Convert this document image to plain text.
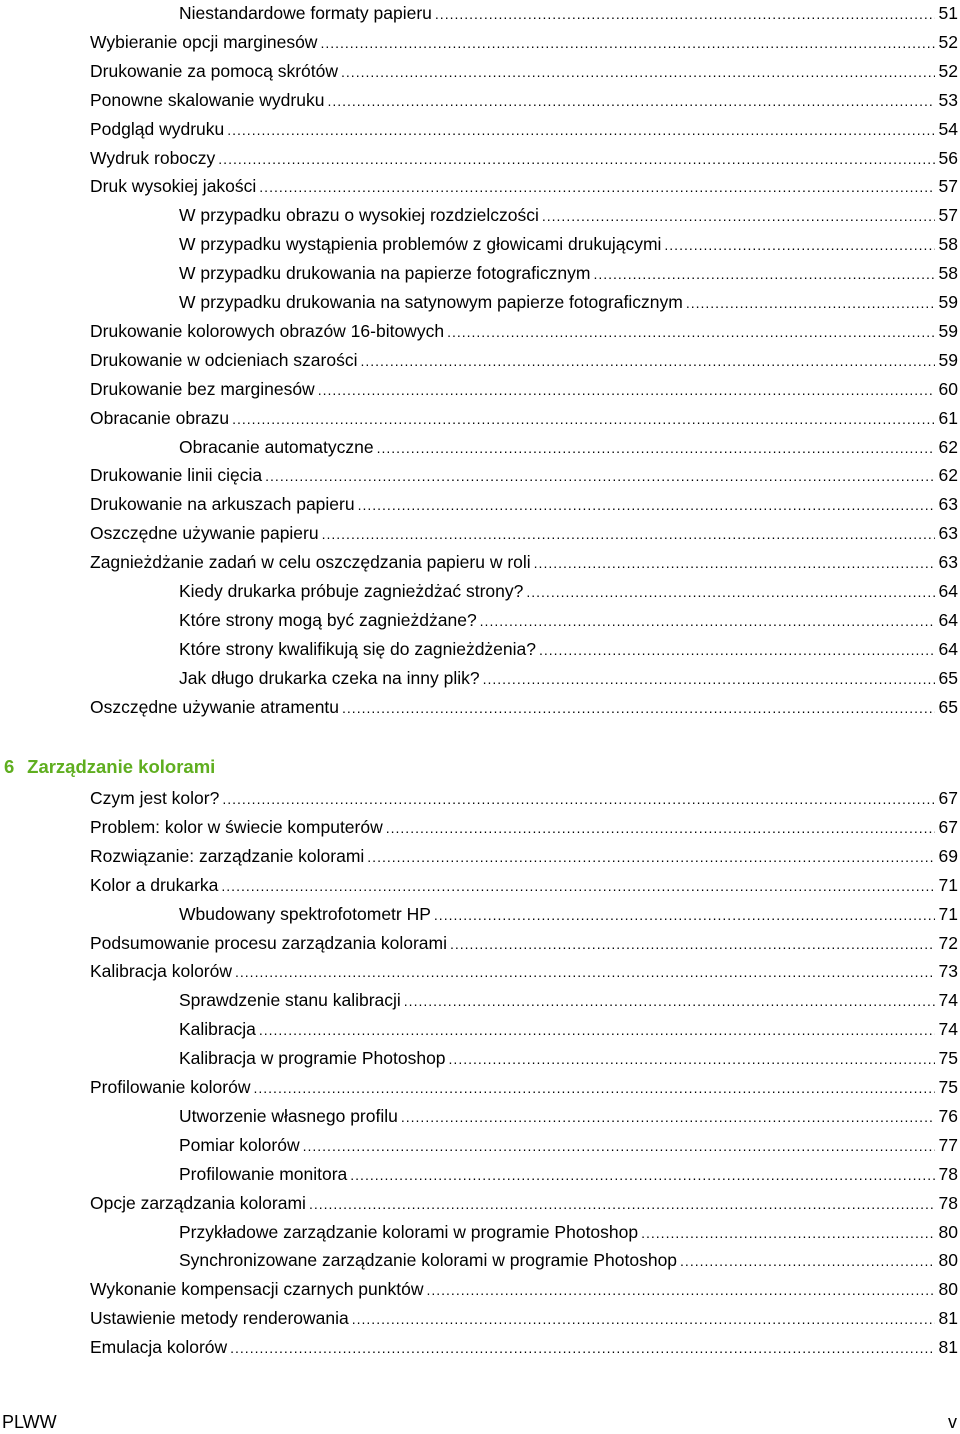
Niestandardowe formaty papieru .....	51
Wybieranie opcji marginesów .....	52
Drukowanie za pomocą skrótów .....	52
Ponowne skalowanie wydruku .....	53
Podgląd wydruku .....	54
Wydruk roboczy .....	56
Druk wysokiej jakości .....	57
W przypadku obrazu o wysokiej rozdzielczości .....	57
W przypadku wystąpienia problemów z głowicami drukującymi .....	58
W przypadku drukowania na papierze fotograficznym .....	58
W przypadku drukowania na satynowym papierze fotograficznym .....	59
Drukowanie kolorowych obrazów 16-bitowych .....	59
Drukowanie w odcieniach szarości .....	59
Drukowanie bez marginesów .....	60
Obracanie obrazu .....	61
Obracanie automatyczne .....	62
Drukowanie linii cięcia .....	62
Drukowanie na arkuszach papieru .....	63
Oszczędne używanie papieru .....	63
Zagnieżdżanie zadań w celu oszczędzania papieru w roli .....	63
Kiedy drukarka próbuje zagnieżdżać strony? .....	64
Które strony mogą być zagnieżdżane? .....	64
Które strony kwalifikują się do zagnieżdżenia? .....	64
Jak długo drukarka czeka na inny plik? .....	65
Oszczędne używanie atramentu .....	65
6 Zarządzanie kolorami
Czym jest kolor? .....	67
Problem: kolor w świecie komputerów .....	67
Rozwiązanie: zarządzanie kolorami .....	69
Kolor a drukarka .....	71
Wbudowany spektrofotometr HP .....	71
Podsumowanie procesu zarządzania kolorami .....	72
Kalibracja kolorów .....	73
Sprawdzenie stanu kalibracji .....	74
Kalibracja .....	74
Kalibracja w programie Photoshop .....	75
Profilowanie kolorów .....	75
Utworzenie własnego profilu .....	76
Pomiar kolorów .....	77
Profilowanie monitora .....	78
Opcje zarządzania kolorami .....	78
Przykładowe zarządzanie kolorami w programie Photoshop .....	80
Synchronizowane zarządzanie kolorami w programie Photoshop .....	80
Wykonanie kompensacji czarnych punktów .....	80
Ustawienie metody renderowania .....	81
Emulacja kolorów .....	81
PLWW	v
